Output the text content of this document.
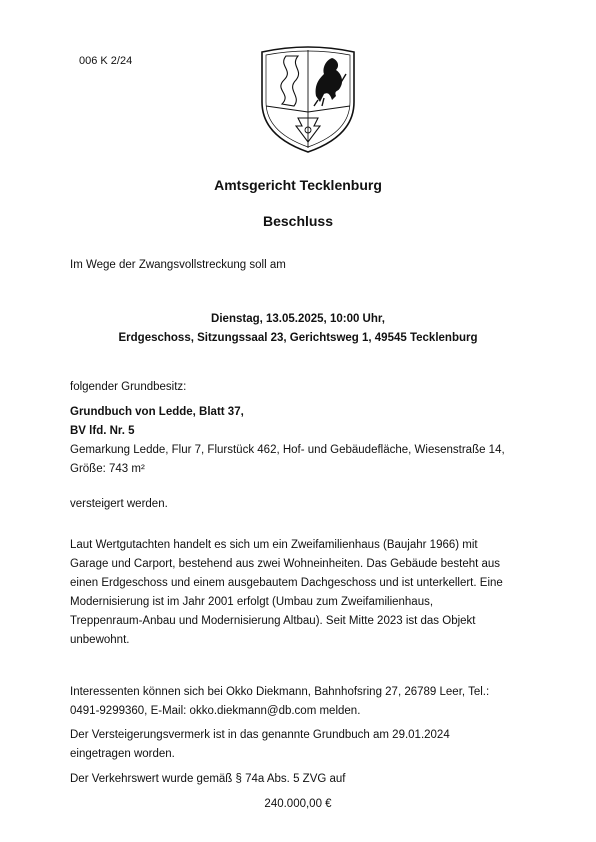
006 K 2/24
Amtsgericht Tecklenburg
Beschluss
Im Wege der Zwangsvollstreckung soll am
Dienstag, 13.05.2025, 10:00 Uhr,
Erdgeschoss, Sitzungssaal 23, Gerichtsweg 1, 49545 Tecklenburg
folgender Grundbesitz:
Grundbuch von Ledde, Blatt 37,
BV lfd. Nr. 5
Gemarkung Ledde, Flur 7, Flurstück 462, Hof- und Gebäudefläche, Wiesenstraße 14,
Größe: 743 m²
versteigert werden.
Laut Wertgutachten handelt es sich um ein Zweifamilienhaus (Baujahr 1966) mit
Garage und Carport, bestehend aus zwei Wohneinheiten. Das Gebäude besteht aus
einen Erdgeschoss und einem ausgebautem Dachgeschoss und ist unterkellert. Eine
Modernisierung ist im Jahr 2001 erfolgt (Umbau zum Zweifamilienhaus,
Treppenraum-Anbau und Modernisierung Altbau). Seit Mitte 2023 ist das Objekt
unbewohnt.
Interessenten können sich bei Okko Diekmann, Bahnhofsring 27, 26789 Leer, Tel.:
0491-9299360, E-Mail: okko.diekmann@db.com melden.
Der Versteigerungsvermerk ist in das genannte Grundbuch am 29.01.2024
eingetragen worden.
Der Verkehrswert wurde gemäß § 74a Abs. 5 ZVG auf
240.000,00 €
